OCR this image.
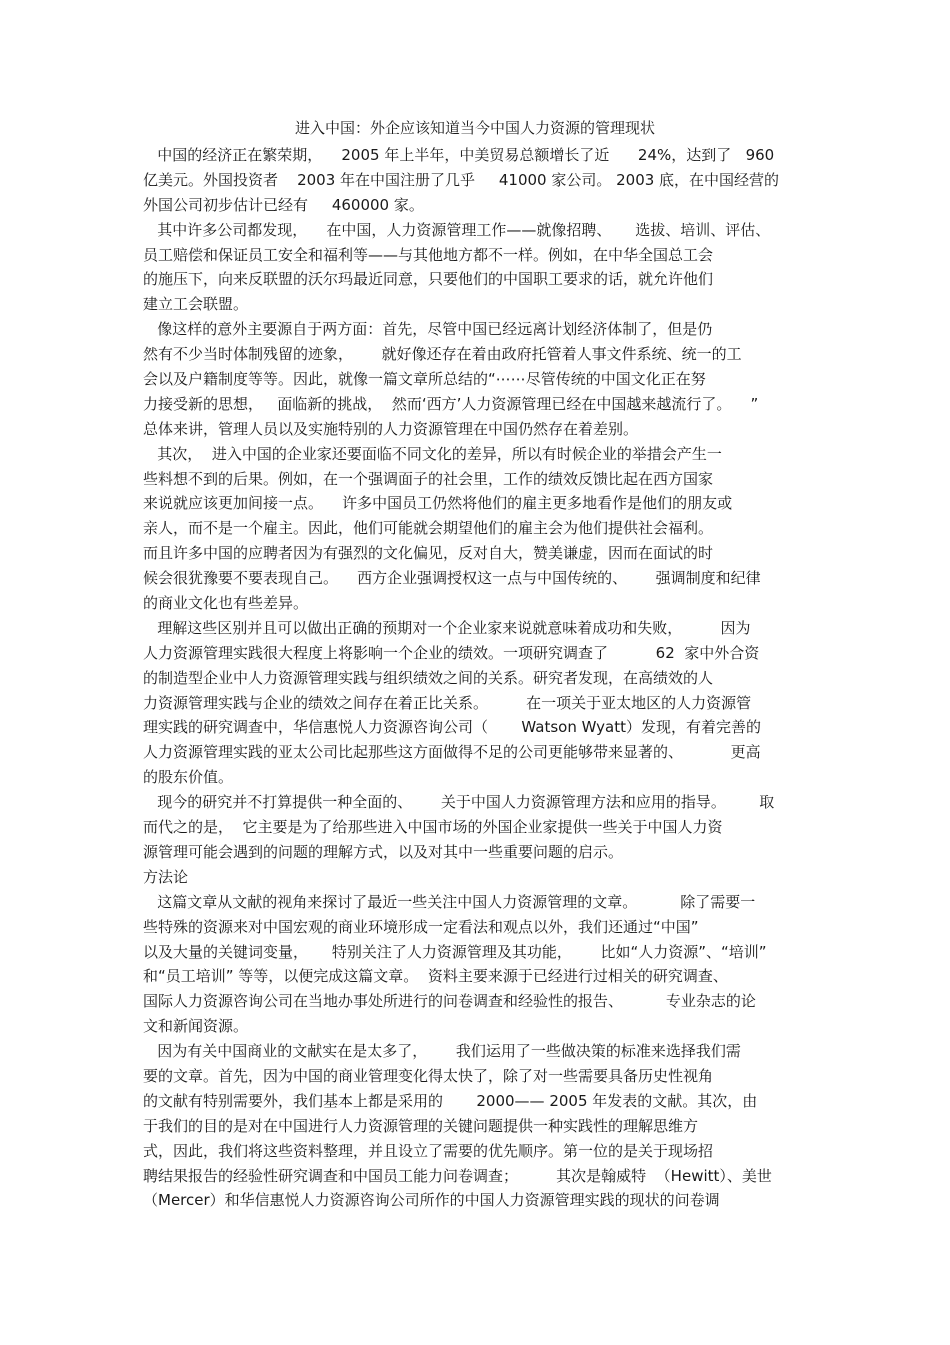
进入中国：外企应该知道当今中国人力资源的管理现状
中国的经济正在繁荣期，    2005 年上半年，中美贸易总额增长了近      24%，达到了   960
亿美元。外国投资者    2003 年在中国注册了几乎     41000 家公司。 2003 底，在中国经营的
外国公司初步估计已经有     460000 家。
其中许多公司都发现，    在中国，人力资源管理工作——就像招聘、     选拔、培训、评估、
员工赔偿和保证员工安全和福利等——与其他地方都不一样。例如，在中华全国总工会
的施压下，向来反联盟的沃尔玛最近同意，只要他们的中国职工要求的话，就允许他们
建立工会联盟。
像这样的意外主要源自于两方面：首先，尽管中国已经远离计划经济体制了，但是仍
然有不少当时体制残留的迹象，      就好像还存在着由政府托管着人事文件系统、统一的工
会以及户籍制度等等。因此，就像一篇文章所总结的“⋯⋯尽管传统的中国文化正在努
力接受新的思想，   面临新的挑战，  然而‘西方’人力资源管理已经在中国越来越流行了。    ”
总体来讲，管理人员以及实施特别的人力资源管理在中国仍然存在着差别。
其次，  进入中国的企业家还要面临不同文化的差异，所以有时候企业的举措会产生一
些料想不到的后果。例如，在一个强调面子的社会里，工作的绩效反馈比起在西方国家
来说就应该更加间接一点。    许多中国员工仍然将他们的雇主更多地看作是他们的朋友或
亲人，而不是一个雇主。因此，他们可能就会期望他们的雇主会为他们提供社会福利。
而且许多中国的应聘者因为有强烈的文化偏见，反对自大，赞美谦虚，因而在面试的时
候会很犹豫要不要表现自己。    西方企业强调授权这一点与中国传统的、      强调制度和纪律
的商业文化也有些差异。
理解这些区别并且可以做出正确的预期对一个企业家来说就意味着成功和失败，        因为
人力资源管理实践很大程度上将影响一个企业的绩效。一项研究调查了          62  家中外合资
的制造型企业中人力资源管理实践与组织绩效之间的关系。研究者发现，在高绩效的人
力资源管理实践与企业的绩效之间存在着正比关系。        在一项关于亚太地区的人力资源管
理实践的研究调查中，华信惠悦人力资源咨询公司（       Watson Wyatt）发现，有着完善的
人力资源管理实践的亚太公司比起那些这方面做得不足的公司更能够带来显著的、          更高
的股东价值。
现今的研究并不打算提供一种全面的、      关于中国人力资源管理方法和应用的指导。       取
而代之的是，  它主要是为了给那些进入中国市场的外国企业家提供一些关于中国人力资
源管理可能会遇到的问题的理解方式，以及对其中一些重要问题的启示。
方法论
这篇文章从文献的视角来探讨了最近一些关注中国人力资源管理的文章。         除了需要一
些特殊的资源来对中国宏观的商业环境形成一定看法和观点以外，我们还通过“中国”
以及大量的关键词变量，     特别关注了人力资源管理及其功能，      比如“人力资源”、“培训”
和“员工培训” 等等，以便完成这篇文章。  资料主要来源于已经进行过相关的研究调查、
国际人力资源咨询公司在当地办事处所进行的问卷调查和经验性的报告、         专业杂志的论
文和新闻资源。
因为有关中国商业的文献实在是太多了，      我们运用了一些做决策的标准来选择我们需
要的文章。首先，因为中国的商业管理变化得太快了，除了对一些需要具备历史性视角
的文献有特别需要外，我们基本上都是采用的       2000—— 2005 年发表的文献。其次，由
于我们的目的是对在中国进行人力资源管理的关键问题提供一种实践性的理解思维方
式，因此，我们将这些资料整理，并且设立了需要的优先顺序。第一位的是关于现场招
聘结果报告的经验性研究调查和中国员工能力问卷调查；        其次是翰威特  （Hewitt）、美世
（Mercer）和华信惠悦人力资源咨询公司所作的中国人力资源管理实践的现状的问卷调
